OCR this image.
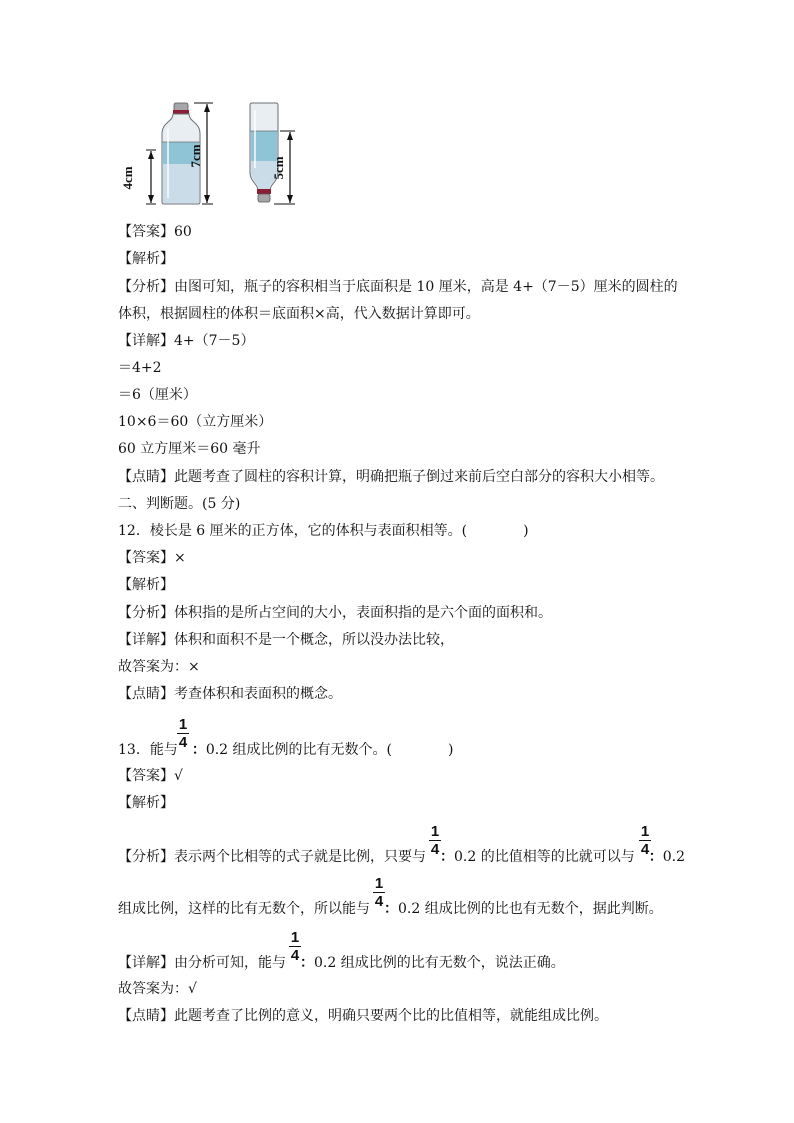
4cm
7cm
5cm
【答案】60
【解析】
【分析】由图可知，瓶子的容积相当于底面积是 10 厘米，高是 4+（7－5）厘米的圆柱的
体积，根据圆柱的体积＝底面积×高，代入数据计算即可。
【详解】4+（7－5）
＝4+2
＝6（厘米）
10×6＝60（立方厘米）
60 立方厘米＝60 毫升
【点睛】此题考查了圆柱的容积计算，明确把瓶子倒过来前后空白部分的容积大小相等。
二、判断题。(5 分)
12．棱长是 6 厘米的正方体，它的体积与表面积相等。(　　　　)
【答案】×
【解析】
【分析】体积指的是所占空间的大小，表面积指的是六个面的面积和。
【详解】体积和面积不是一个概念，所以没办法比较，
故答案为：×
【点睛】考查体积和表面积的概念。
1
4
13．能与 ：0.2 组成比例的比有无数个。(　　　　)
【答案】√
【解析】
1
4
1
4
【分析】表示两个比相等的式子就是比例，只要与 ：0.2 的比值相等的比就可以与 ：0.2
1
4
组成比例，这样的比有无数个，所以能与 ：0.2 组成比例的比也有无数个，据此判断。
1
4
【详解】由分析可知，能与 ：0.2 组成比例的比有无数个，说法正确。
故答案为：√
【点睛】此题考查了比例的意义，明确只要两个比的比值相等，就能组成比例。
